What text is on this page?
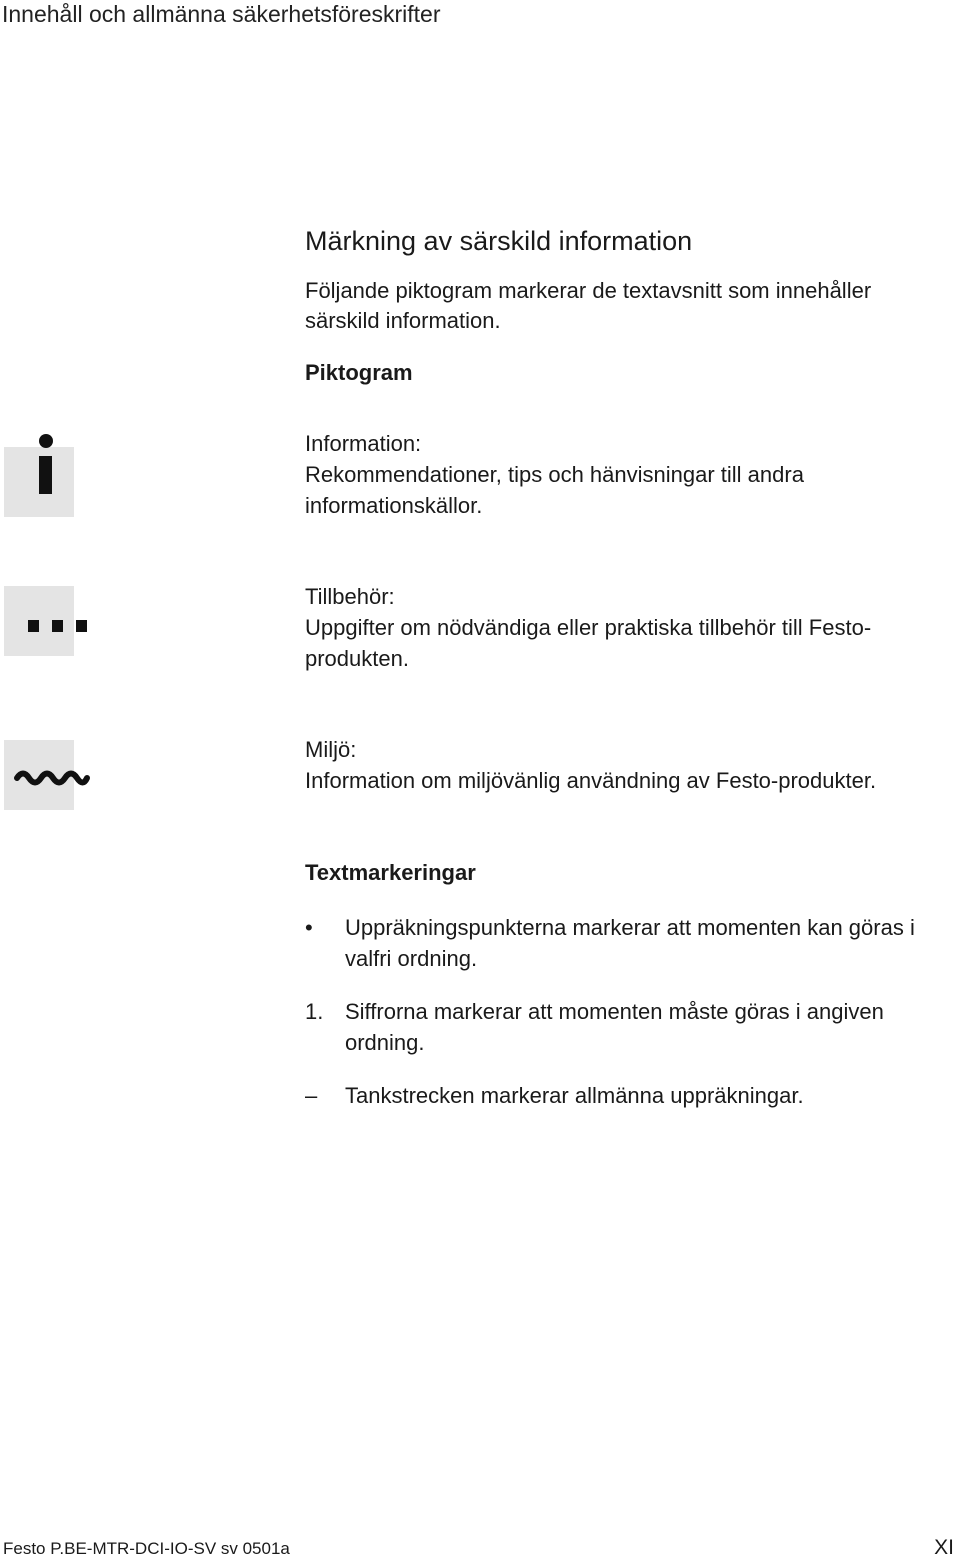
Innehåll och allmänna säkerhetsföreskrifter
Märkning av särskild information
Följande piktogram markerar de textavsnitt som innehåller särskild information.
Piktogram
Information:
Rekommendationer, tips och hänvisningar till andra informationskällor.
Tillbehör:
Uppgifter om nödvändiga eller praktiska tillbehör till Festo-produkten.
Miljö:
Information om miljövänlig användning av Festo-produkter.
Textmarkeringar
•	Uppräkningspunkterna markerar att momenten kan göras i valfri ordning.
1. Siffrorna markerar att momenten måste göras i angiven ordning.
–	Tankstrecken markerar allmänna uppräkningar.
Festo P.BE-MTR-DCI-IO-SV sv 0501a	XI
